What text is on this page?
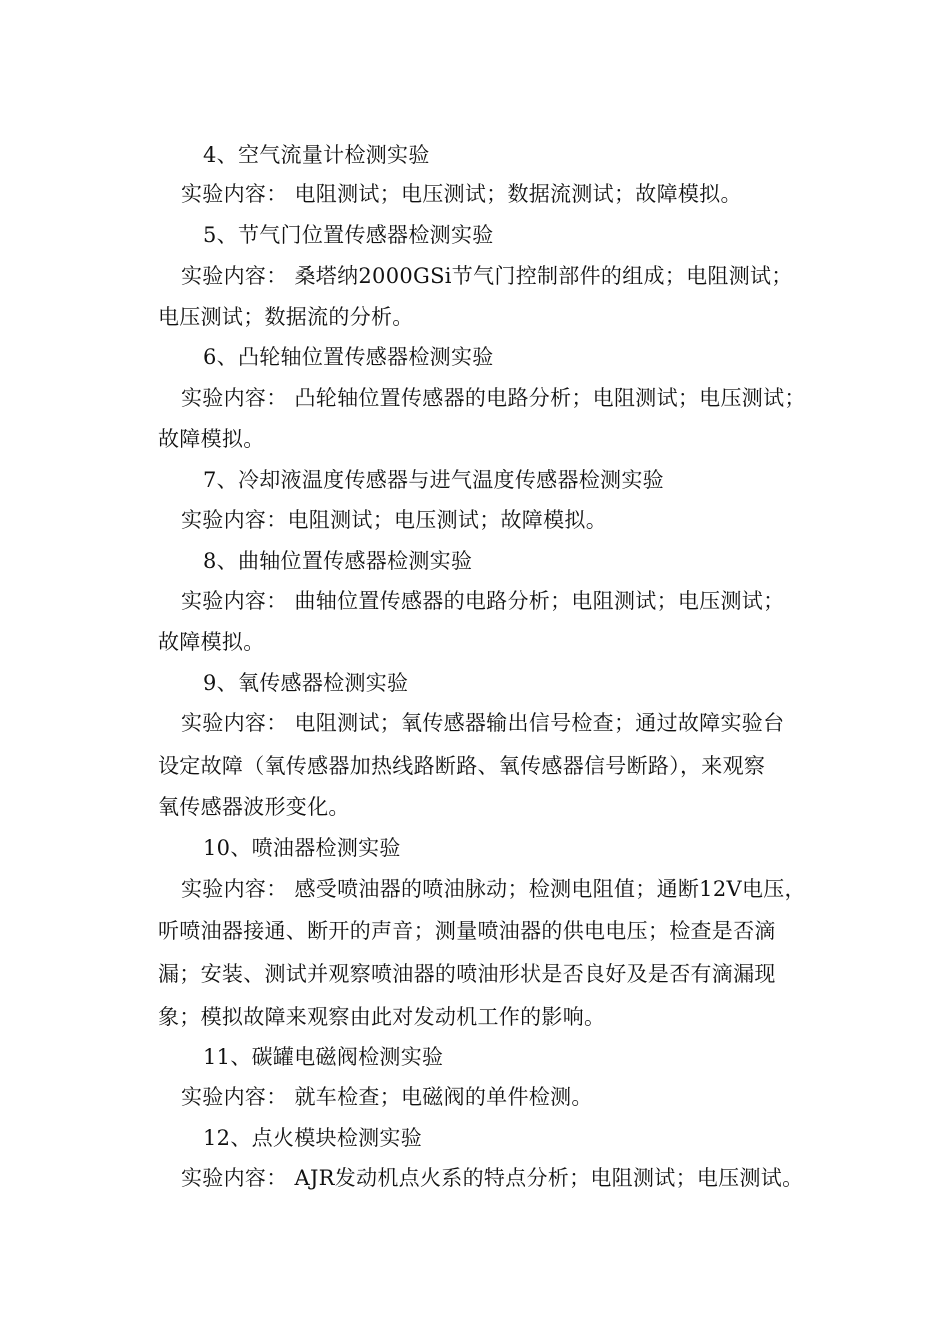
4、空气流量计检测实验
实验内容： 电阻测试；电压测试；数据流测试；故障模拟。
5、节气门位置传感器检测实验
实验内容： 桑塔纳2000GSi节气门控制部件的组成；电阻测试；
电压测试；数据流的分析。
6、凸轮轴位置传感器检测实验
实验内容： 凸轮轴位置传感器的电路分析；电阻测试；电压测试；
故障模拟。
7、冷却液温度传感器与进气温度传感器检测实验
实验内容：电阻测试；电压测试；故障模拟。
8、曲轴位置传感器检测实验
实验内容： 曲轴位置传感器的电路分析；电阻测试；电压测试；
故障模拟。
9、氧传感器检测实验
实验内容： 电阻测试；氧传感器输出信号检查；通过故障实验台
设定故障（氧传感器加热线路断路、氧传感器信号断路），来观察
氧传感器波形变化。
10、喷油器检测实验
实验内容： 感受喷油器的喷油脉动；检测电阻值；通断12V电压，
听喷油器接通、断开的声音；测量喷油器的供电电压；检查是否滴
漏；安装、测试并观察喷油器的喷油形状是否良好及是否有滴漏现
象；模拟故障来观察由此对发动机工作的影响。
11、碳罐电磁阀检测实验
实验内容： 就车检查；电磁阀的单件检测。
12、点火模块检测实验
实验内容： AJR发动机点火系的特点分析；电阻测试；电压测试。
